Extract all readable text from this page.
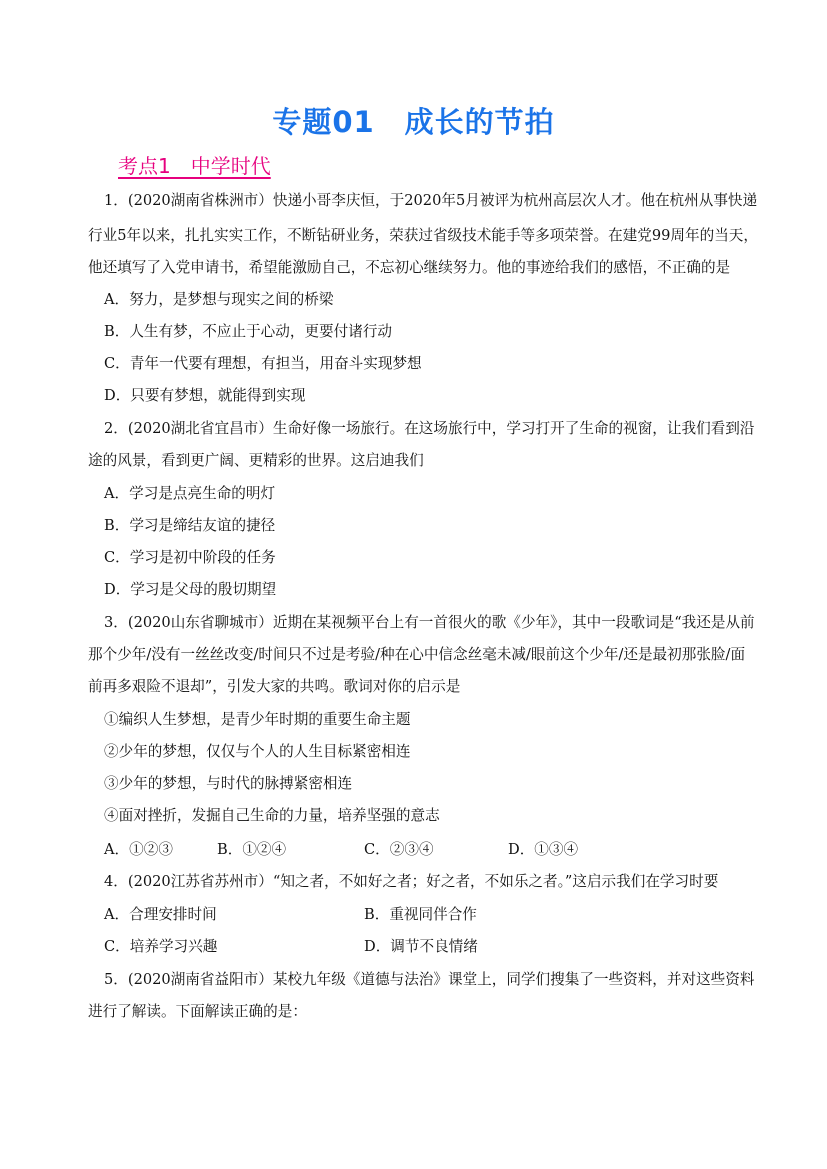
专题01　成长的节拍
考点1　中学时代
1．(2020湖南省株洲市）快递小哥李庆恒，于2020年5月被评为杭州高层次人才。他在杭州从事快递
行业5年以来，扎扎实实工作，不断钻研业务，荣获过省级技术能手等多项荣誉。在建党99周年的当天，
他还填写了入党申请书，希望能激励自己，不忘初心继续努力。他的事迹给我们的感悟，不正确的是
A．努力，是梦想与现实之间的桥梁
B．人生有梦，不应止于心动，更要付诸行动
C．青年一代要有理想，有担当，用奋斗实现梦想
D．只要有梦想，就能得到实现
2．(2020湖北省宜昌市）生命好像一场旅行。在这场旅行中，学习打开了生命的视窗，让我们看到沿
途的风景，看到更广阔、更精彩的世界。这启迪我们
A．学习是点亮生命的明灯
B．学习是缔结友谊的捷径
C．学习是初中阶段的任务
D．学习是父母的殷切期望
3．(2020山东省聊城市）近期在某视频平台上有一首很火的歌《少年》，其中一段歌词是“我还是从前
那个少年/没有一丝丝改变/时间只不过是考验/种在心中信念丝毫未减/眼前这个少年/还是最初那张脸/面
前再多艰险不退却”，引发大家的共鸣。歌词对你的启示是
①编织人生梦想，是青少年时期的重要生命主题
②少年的梦想，仅仅与个人的人生目标紧密相连
③少年的梦想，与时代的脉搏紧密相连
④面对挫折，发掘自己生命的力量，培养坚强的意志
A．①②③	B．①②④	C．②③④	D．①③④
4．(2020江苏省苏州市）“知之者，不如好之者；好之者，不如乐之者。”这启示我们在学习时要
A．合理安排时间	B．重视同伴合作
C．培养学习兴趣	D．调节不良情绪
5．(2020湖南省益阳市）某校九年级《道德与法治》课堂上，同学们搜集了一些资料，并对这些资料
进行了解读。下面解读正确的是：
